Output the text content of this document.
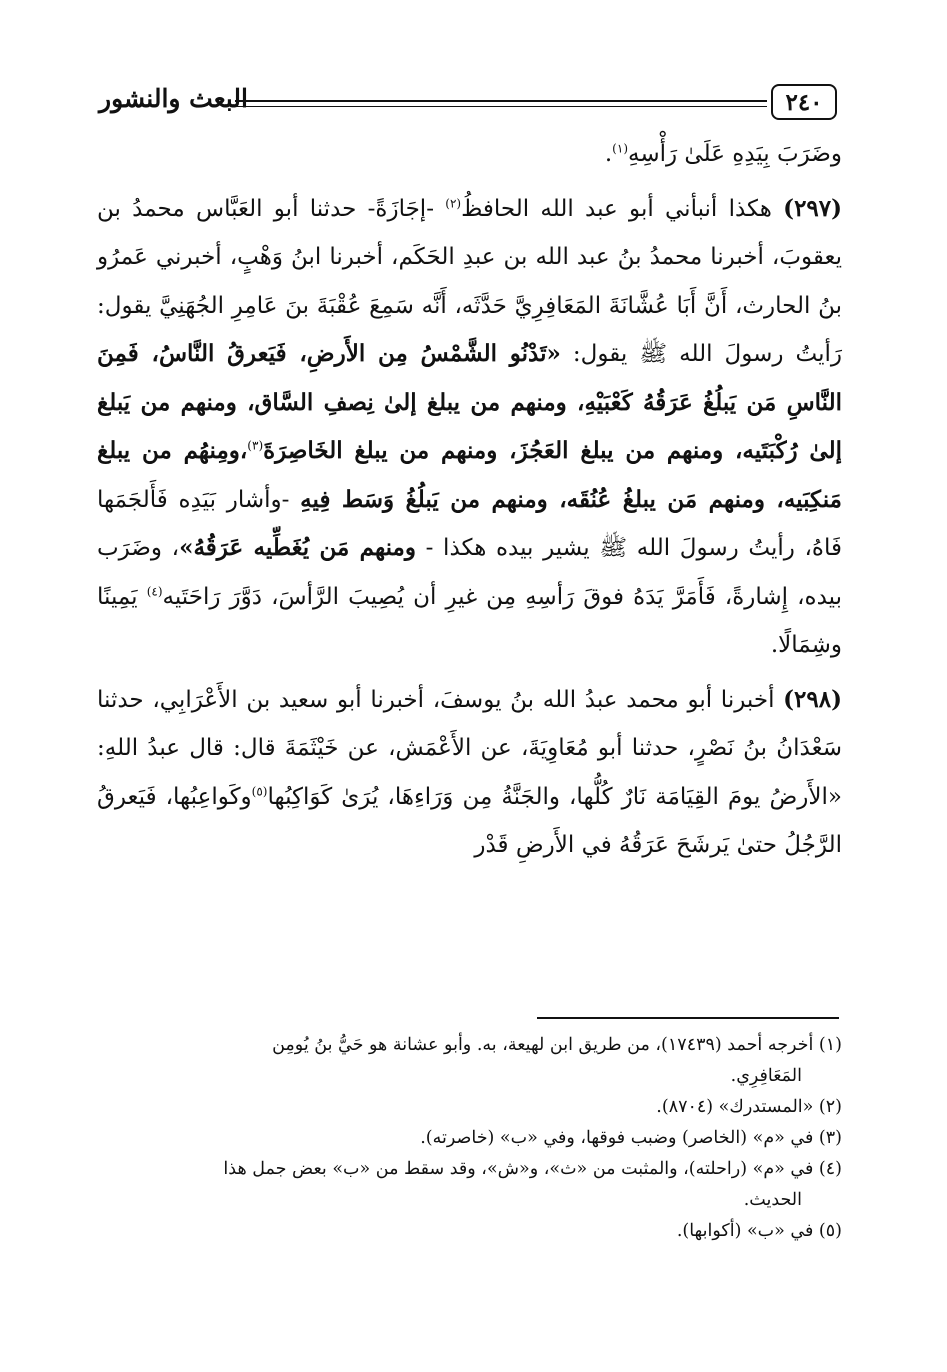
البعث والنشور	٢٤٠

وضَرَبَ بِيَدِهِ عَلَىٰ رَأْسِهِ$^{(١)}$.

(٢٩٧) هكذا أنبأني أبو عبد الله الحافظُ$^{(٢)}$ -إجَازَةً- حدثنا أبو العَبَّاس محمدُ بن يعقوبَ، أخبرنا محمدُ بنُ عبد الله بن عبدِ الحَكَم، أخبرنا ابنُ وَهْبٍ، أخبرني عَمرُو بنُ الحارث، أَنَّ أَبَا عُشَّانَةَ المَعَافِرِيَّ حَدَّثَه، أَنَّه سَمِعَ عُقْبَةَ بنَ عَامِرِ الجُهَنِيَّ يقول: رَأيتُ رسولَ الله ﷺ يقول: «تَدْنُو الشَّمْسُ مِن الأَرضِ، فَيَعرقُ النَّاسُ، فَمِنَ النَّاسِ مَن يَبلُغُ عَرَقُهُ كَعْبَيْهِ، ومنهم من يبلغ إلىٰ نِصفِ السَّاق، ومنهم من يَبلغ إلىٰ رُكْبَتَيه، ومنهم من يبلغ العَجُزَ، ومنهم من يبلغ الخَاصِرَةَ$^{(٣)}$،ومِنهُم من يبلغ مَنكِبَيه، ومنهم مَن يبلغُ عُنُقَه، ومنهم من يَبلُغُ وَسَط فِيهِ -وأشار بَيَدِه فَأَلجَمَها فَاهُ، رأيتُ رسولَ الله ﷺ يشير بيده هكذا - ومنهم مَن يُغَطِّيه عَرَقُهُ»، وضَرَب بيده، إِشارةً، فَأَمَرَّ يَدَهُ فوقَ رَأسِهِ مِن غيرِ أن يُصِيبَ الرَّأسَ، دَوَّرَ رَاحَتَيه$^{(٤)}$ يَمِينًا وشِمَالًا.

(٢٩٨) أخبرنا أبو محمد عبدُ الله بنُ يوسفَ، أخبرنا أبو سعيد بن الأَعْرَابِي، حدثنا سَعْدَانُ بنُ نَصْرٍ، حدثنا أبو مُعَاوِيَةَ، عن الأَعْمَش، عن خَيْثَمَةَ قال: قال عبدُ اللهِ: «الأَرضُ يومَ القِيَامَة نَارٌ كُلُّها، والجَنَّةُ مِن وَرَاءِهَا، يُرَىٰ كَوَاكِبُها$^{(٥)}$وكَواعِبُها، فَيَعرقُ الرَّجُلُ حتىٰ يَرشَحَ عَرَقُهُ في الأَرضِ قَدْر

(١) أخرجه أحمد (١٧٤٣٩)، من طريق ابن لهيعة، به. وأبو عشانة هو حَيُّ بنُ يُومِن
المَعَافِرِي.

(٢) «المستدرك» (٨٧٠٤).

(٣) في «م» (الخاصر) وضبب فوقها، وفي «ب» (خاصرته).

(٤) في «م» (راحلته)، والمثبت من «ث»، و«ش»، وقد سقط من «ب» بعض جمل هذا
الحديث.

(٥) في «ب» (أكوابها).
